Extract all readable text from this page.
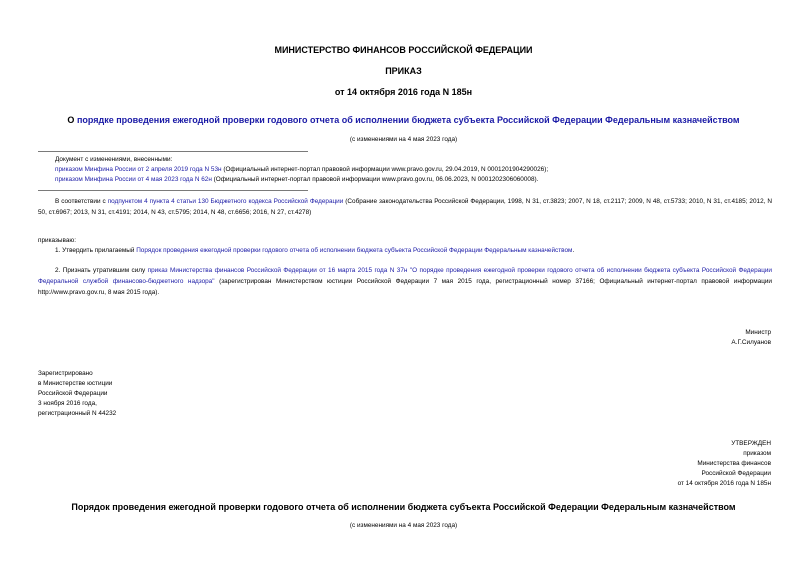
МИНИСТЕРСТВО ФИНАНСОВ РОССИЙСКОЙ ФЕДЕРАЦИИ
ПРИКАЗ
от 14 октября 2016 года N 185н
О порядке проведения ежегодной проверки годового отчета об исполнении бюджета субъекта Российской Федерации Федеральным казначейством
(с изменениями на 4 мая 2023 года)
Документ с изменениями, внесенными:
приказом Минфина России от 2 апреля 2019 года N 53н (Официальный интернет-портал правовой информации www.pravo.gov.ru, 29.04.2019, N 0001201904290026);
приказом Минфина России от 4 мая 2023 года N 62н (Официальный интернет-портал правовой информации www.pravo.gov.ru, 06.06.2023, N 0001202306060008).
В соответствии с подпунктом 4 пункта 4 статьи 130 Бюджетного кодекса Российской Федерации (Собрание законодательства Российской Федерации, 1998, N 31, ст.3823; 2007, N 18, ст.2117; 2009, N 48, ст.5733; 2010, N 31, ст.4185; 2012, N 50, ст.6967; 2013, N 31, ст.4191; 2014, N 43, ст.5795; 2014, N 48, ст.6656; 2016, N 27, ст.4278)
приказываю:
1. Утвердить прилагаемый Порядок проведения ежегодной проверки годового отчета об исполнении бюджета субъекта Российской Федерации Федеральным казначейством.
2. Признать утратившим силу приказ Министерства финансов Российской Федерации от 16 марта 2015 года N 37н "О порядке проведения ежегодной проверки годового отчета об исполнении бюджета субъекта Российской Федерации Федеральной службой финансово-бюджетного надзора" (зарегистрирован Министерством юстиции Российской Федерации 7 мая 2015 года, регистрационный номер 37166; Официальный интернет-портал правовой информации http://www.pravo.gov.ru, 8 мая 2015 года).
Министр
А.Г.Силуанов
Зарегистрировано
в Министерстве юстиции
Российской Федерации
3 ноября 2016 года,
регистрационный N 44232
УТВЕРЖДЕН
приказом
Министерства финансов
Российской Федерации
от 14 октября 2016 года N 185н
Порядок проведения ежегодной проверки годового отчета об исполнении бюджета субъекта Российской Федерации Федеральным казначейством
(с изменениями на 4 мая 2023 года)
